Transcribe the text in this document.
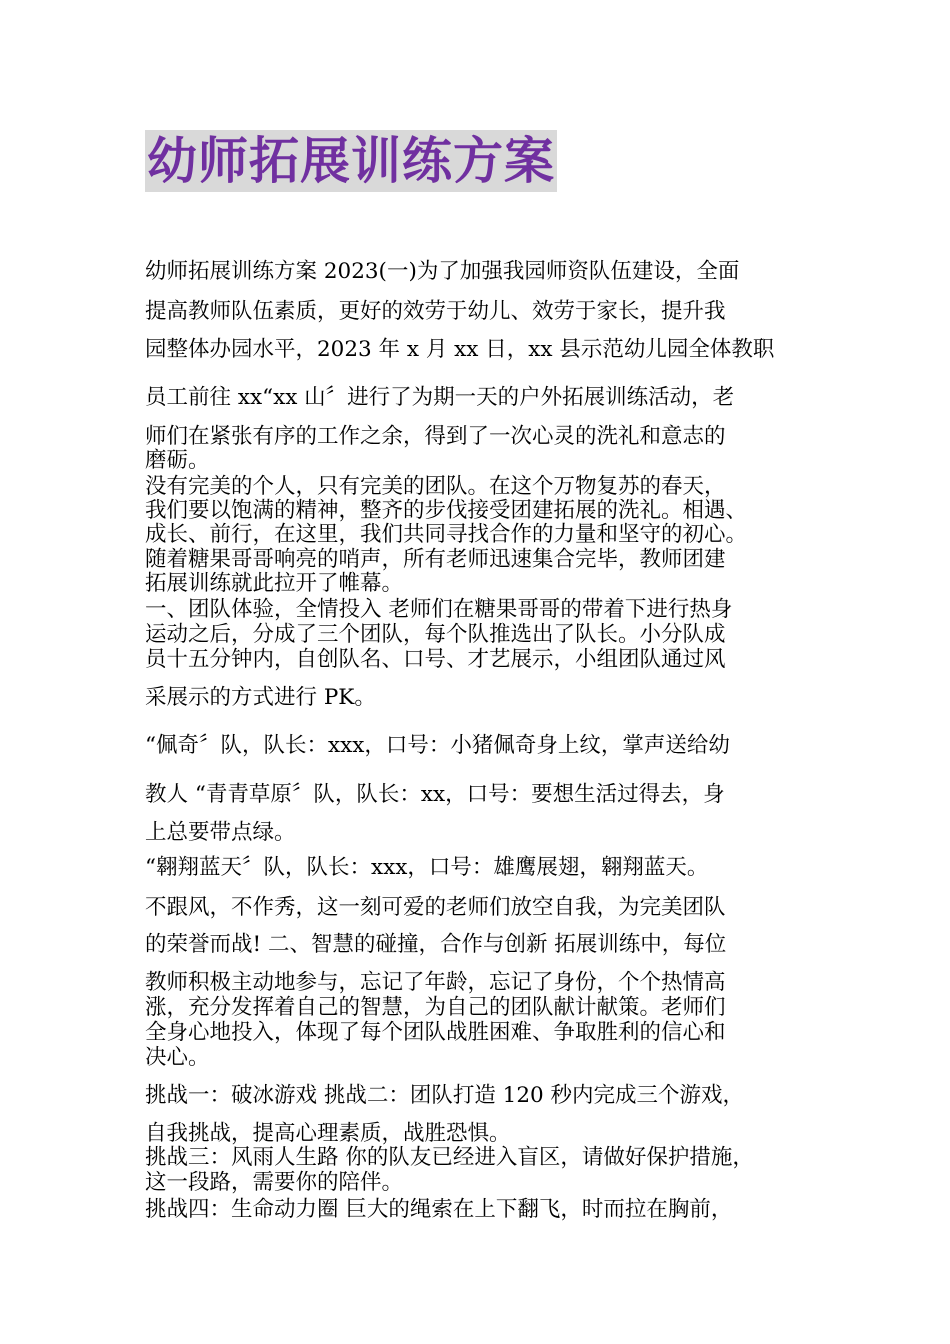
幼师拓展训练方案
幼师拓展训练方案 2023(一)为了加强我园师资队伍建设，全面
提高教师队伍素质，更好的效劳于幼儿、效劳于家长，提升我
园整体办园水平，2023 年 x 月 xx 日，xx 县示范幼儿园全体教职
员工前往 xx“xx 山〞进行了为期一天的户外拓展训练活动，老
师们在紧张有序的工作之余，得到了一次心灵的洗礼和意志的
磨砺。
没有完美的个人，只有完美的团队。在这个万物复苏的春天，
我们要以饱满的精神，整齐的步伐接受团建拓展的洗礼。相遇、
成长、前行，在这里，我们共同寻找合作的力量和坚守的初心。
随着糖果哥哥响亮的哨声，所有老师迅速集合完毕，教师团建
拓展训练就此拉开了帷幕。
一、团队体验，全情投入 老师们在糖果哥哥的带着下进行热身
运动之后，分成了三个团队，每个队推选出了队长。小分队成
员十五分钟内，自创队名、口号、才艺展示，小组团队通过风
采展示的方式进行 PK。
“佩奇〞队，队长：xxx，口号：小猪佩奇身上纹，掌声送给幼
教人 “青青草原〞队，队长：xx，口号：要想生活过得去，身
上总要带点绿。
“翱翔蓝天〞队，队长：xxx，口号：雄鹰展翅，翱翔蓝天。
不跟风，不作秀，这一刻可爱的老师们放空自我，为完美团队
的荣誉而战! 二、智慧的碰撞，合作与创新 拓展训练中，每位
教师积极主动地参与，忘记了年龄，忘记了身份，个个热情高
涨，充分发挥着自己的智慧，为自己的团队献计献策。老师们
全身心地投入，体现了每个团队战胜困难、争取胜利的信心和
决心。
挑战一：破冰游戏 挑战二：团队打造 120 秒内完成三个游戏，
自我挑战，提高心理素质，战胜恐惧。
挑战三：风雨人生路 你的队友已经进入盲区，请做好保护措施，
这一段路，需要你的陪伴。
挑战四：生命动力圈 巨大的绳索在上下翻飞，时而拉在胸前，
